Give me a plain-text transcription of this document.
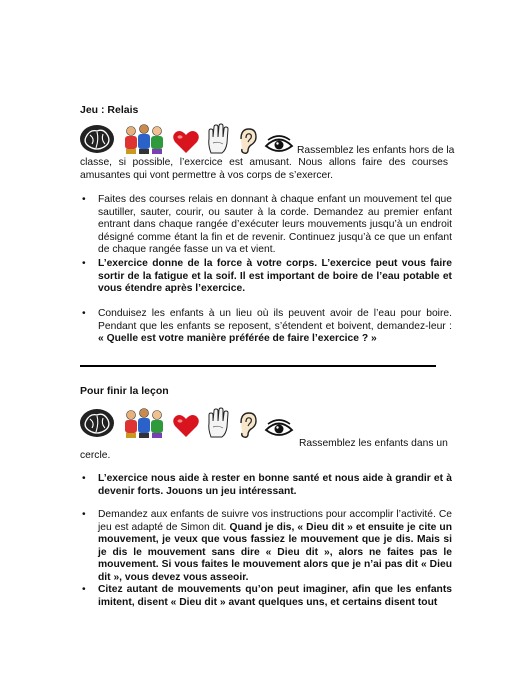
Jeu : Relais
Rassemblez les enfants hors de la
classe, si possible, l’exercice est amusant. Nous allons faire des courses amusantes qui vont permettre à vos corps de s’exercer.
• Faites des courses relais en donnant à chaque enfant un mouvement tel que sautiller, sauter, courir, ou sauter à la corde. Demandez au premier enfant entrant dans chaque rangée d’exécuter leurs mouvements jusqu’à un endroit désigné comme étant la fin et de revenir. Continuez jusqu’à ce que un enfant de chaque rangée fasse un va et vient.
• L’exercice donne de la force à votre corps. L’exercice peut vous faire sortir de la fatigue et la soif. Il est important de boire de l’eau potable et vous étendre après l’exercice.
• Conduisez les enfants à un lieu où ils peuvent avoir de l’eau pour boire. Pendant que les enfants se reposent, s’étendent et boivent, demandez-leur : « Quelle est votre manière préférée de faire l’exercice ? »
Pour finir la leçon
Rassemblez les enfants dans un
cercle.
• L’exercice nous aide à rester en bonne santé et nous aide à grandir et à devenir forts. Jouons un jeu intéressant.
• Demandez aux enfants de suivre vos instructions pour accomplir l’activité. Ce jeu est adapté de Simon dit. Quand je dis, « Dieu dit » et ensuite je cite un mouvement, je veux que vous fassiez le mouvement que je dis. Mais si je dis le mouvement sans dire « Dieu dit », alors ne faites pas le mouvement. Si vous faites le mouvement alors que je n’ai pas dit « Dieu dit », vous devez vous asseoir.
• Citez autant de mouvements qu’on peut imaginer, afin que les enfants imitent, disent « Dieu dit » avant quelques uns, et certains disent tout
